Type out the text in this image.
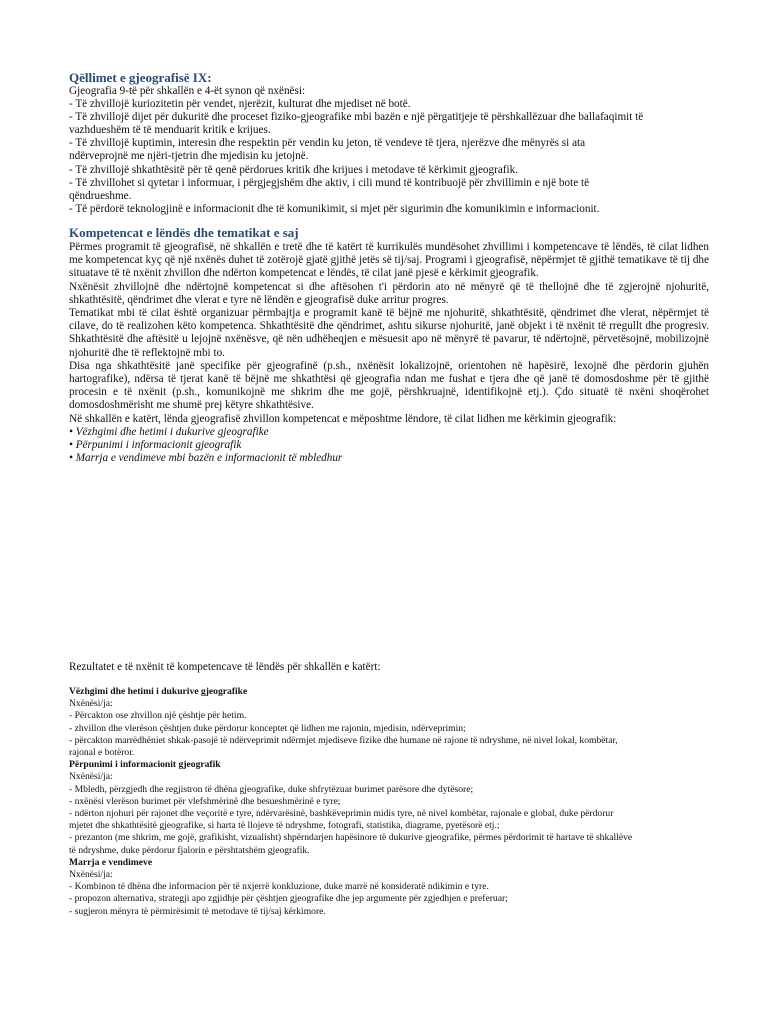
Qëllimet e gjeografisë IX:

Gjeografia 9-të për shkallën e 4-ët synon që nxënësi:

- Të zhvillojë kuriozitetin për vendet, njerëzit, kulturat dhe mjediset në botë.

- Të zhvillojë dijet për dukuritë dhe proceset fiziko-gjeografike mbi bazën e një përgatitjeje të përshkallëzuar dhe ballafaqimit të

vazhdueshëm të të menduarit kritik e krijues.

- Të zhvillojë kuptimin, interesin dhe respektin për vendin ku jeton, të vendeve të tjera, njerëzve dhe mënyrës si ata

ndërveprojnë me njëri-tjetrin dhe mjedisin ku jetojnë.

- Të zhvillojë shkathtësitë për të qenë përdorues kritik dhe krijues i metodave të kërkimit gjeografik.

- Të zhvillohet si qytetar i informuar, i përgjegjshëm dhe aktiv, i cili mund të kontribuojë për zhvillimin e një bote të

qëndrueshme.

- Të përdorë teknologjinë e informacionit dhe të komunikimit, si mjet për sigurimin dhe komunikimin e informacionit.

Kompetencat e lëndës dhe tematikat e saj

Përmes programit të gjeografisë, në shkallën e tretë dhe të katërt të kurrikulës mundësohet zhvillimi i kompetencave të lëndës, të cilat lidhen me kompetencat kyç që një nxënës duhet të zotërojë gjatë gjithë jetës së tij/saj. Programi i gjeografisë, nëpërmjet të gjithë tematikave të tij dhe situatave të të nxënit zhvillon dhe ndërton kompetencat e lëndës, të cilat janë pjesë e kërkimit gjeografik.

Nxënësit zhvillojnë dhe ndërtojnë kompetencat si dhe aftësohen t'i përdorin ato në mënyrë që të thellojnë dhe të zgjerojnë njohuritë, shkathtësitë, qëndrimet dhe vlerat e tyre në lëndën e gjeografisë duke arritur progres.

Tematikat mbi të cilat është organizuar përmbajtja e programit kanë të bëjnë me njohuritë, shkathtësitë, qëndrimet dhe vlerat, nëpërmjet të cilave, do të realizohen këto kompetenca. Shkathtësitë dhe qëndrimet, ashtu sikurse njohuritë, janë objekt i të nxënit të rregullt dhe progresiv. Shkathtësitë dhe aftësitë u lejojnë nxënësve, që nën udhëheqjen e mësuesit apo në mënyrë të pavarur, të ndërtojnë, përvetësojnë, mobilizojnë njohuritë dhe të reflektojnë mbi to.

Disa nga shkathtësitë janë specifike për gjeografinë (p.sh., nxënësit lokalizojnë, orientohen në hapësirë, lexojnë dhe përdorin gjuhën hartografike), ndërsa të tjerat kanë të bëjnë me shkathtësi që gjeografia ndan me fushat e tjera dhe që janë të domosdoshme për të gjithë procesin e të nxënit (p.sh., komunikojnë me shkrim dhe me gojë, përshkruajnë, identifikojnë etj.). Çdo situatë të nxëni shoqërohet domosdoshmërisht me shumë prej këtyre shkathtësive.

Në shkallën e katërt, lënda gjeografisë zhvillon kompetencat e mëposhtme lëndore, të cilat lidhen me kërkimin gjeografik:

• Vëzhgimi dhe hetimi i dukurive gjeografike

• Përpunimi i informacionit gjeografik

• Marrja e vendimeve mbi bazën e informacionit të mbledhur

Rezultatet e të nxënit të kompetencave të lëndës për shkallën e katërt:

Vëzhgimi dhe hetimi i dukurive gjeografike

Nxënësi/ja:

- Përcakton ose zhvillon një çështje për hetim.

- zhvillon dhe vlerëson çështjen duke përdorur konceptet që lidhen me rajonin, mjedisin, ndërveprimin;

- përcakton marrëdhëniet shkak-pasojë të ndërveprimit ndërmjet mjediseve fizike dhe humane në rajone të ndryshme, në nivel lokal, kombëtar,

rajonal e botëror.

Përpunimi i informacionit gjeografik

Nxënësi/ja:

- Mbledh, përzgjedh dhe regjistron të dhëna gjeografike, duke shfrytëzuar burimet parësore dhe dytësore;

- nxënësi vlerëson burimet për vlefshmërinë dhe besueshmërinë e tyre;

- ndërton njohuri për rajonet dhe veçoritë e tyre, ndërvarësinë, bashkëveprimin midis tyre, në nivel kombëtar, rajonale e global, duke përdorur

mjetet dhe shkathtësitë gjeografike, si harta të llojeve të ndryshme, fotografi, statistika, diagrame, pyetësorë etj.;

- prezanton (me shkrim, me gojë, grafikisht, vizualisht) shpërndarjen hapësinore të dukurive gjeografike, përmes përdorimit të hartave të shkallëve

të ndryshme, duke përdorur fjalorin e përshtatshëm gjeografik.

Marrja e vendimeve

Nxënësi/ja:

- Kombinon të dhëna dhe informacion për të nxjerrë konkluzione, duke marrë në konsideratë ndikimin e tyre.

- propozon alternativa, strategji apo zgjidhje për çështjen gjeografike dhe jep argumente për zgjedhjen e preferuar;

- sugjeron mënyra të përmirësimit të metodave të tij/saj kërkimore.
